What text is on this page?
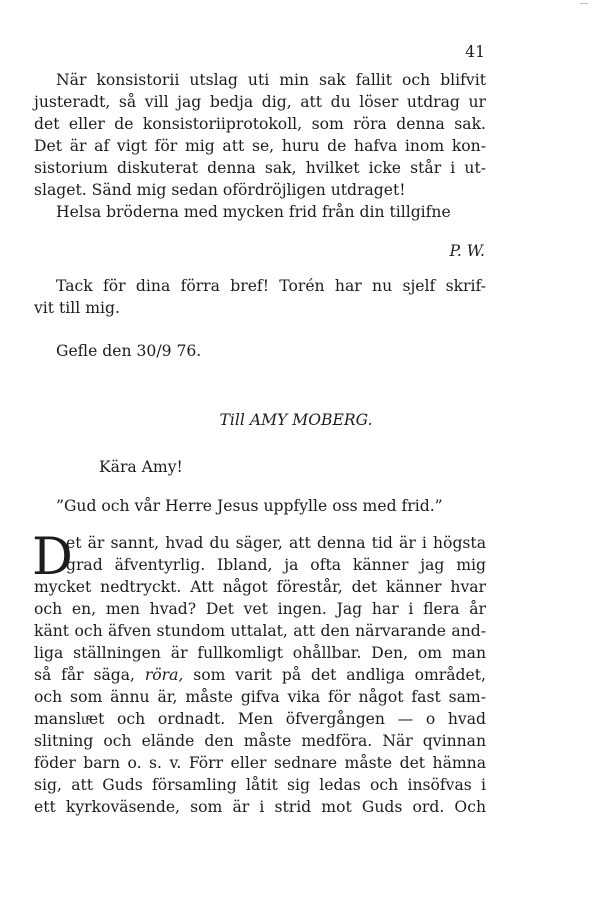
41
När konsistorii utslag uti min sak fallit och blifvit
justeradt, så vill jag bedja dig, att du löser utdrag ur
det eller de konsistoriiprotokoll, som röra denna sak.
Det är af vigt för mig att se, huru de hafva inom kon-
sistorium diskuterat denna sak, hvilket icke står i ut-
slaget. Sänd mig sedan ofördröjligen utdraget!
Helsa bröderna med mycken frid från din tillgifne
P. W.
Tack för dina förra bref! Torén har nu sjelf skrif-
vit till mig.
Gefle den 30/9 76.
Till AMY MOBERG.
Kära Amy!
”Gud och vår Herre Jesus uppfylle oss med frid.”
D
et är sannt, hvad du säger, att denna tid är i högsta
grad äfventyrlig. Ibland, ja ofta känner jag mig
mycket nedtryckt. Att något förestår, det känner hvar
och en, men hvad? Det vet ingen. Jag har i flera år
känt och äfven stundom uttalat, att den närvarande and-
liga ställningen är fullkomligt ohållbar. Den, om man
så får säga, röra, som varit på det andliga området,
och som ännu är, måste gifva vika för något fast sam-
mansluͤet och ordnadt. Men öfvergången — o hvad
slitning och elände den måste medföra. När qvinnan
föder barn o. s. v. Förr eller sednare måste det hämna
sig, att Guds församling låtit sig ledas och insöfvas i
ett kyrkoväsende, som är i strid mot Guds ord. Och
